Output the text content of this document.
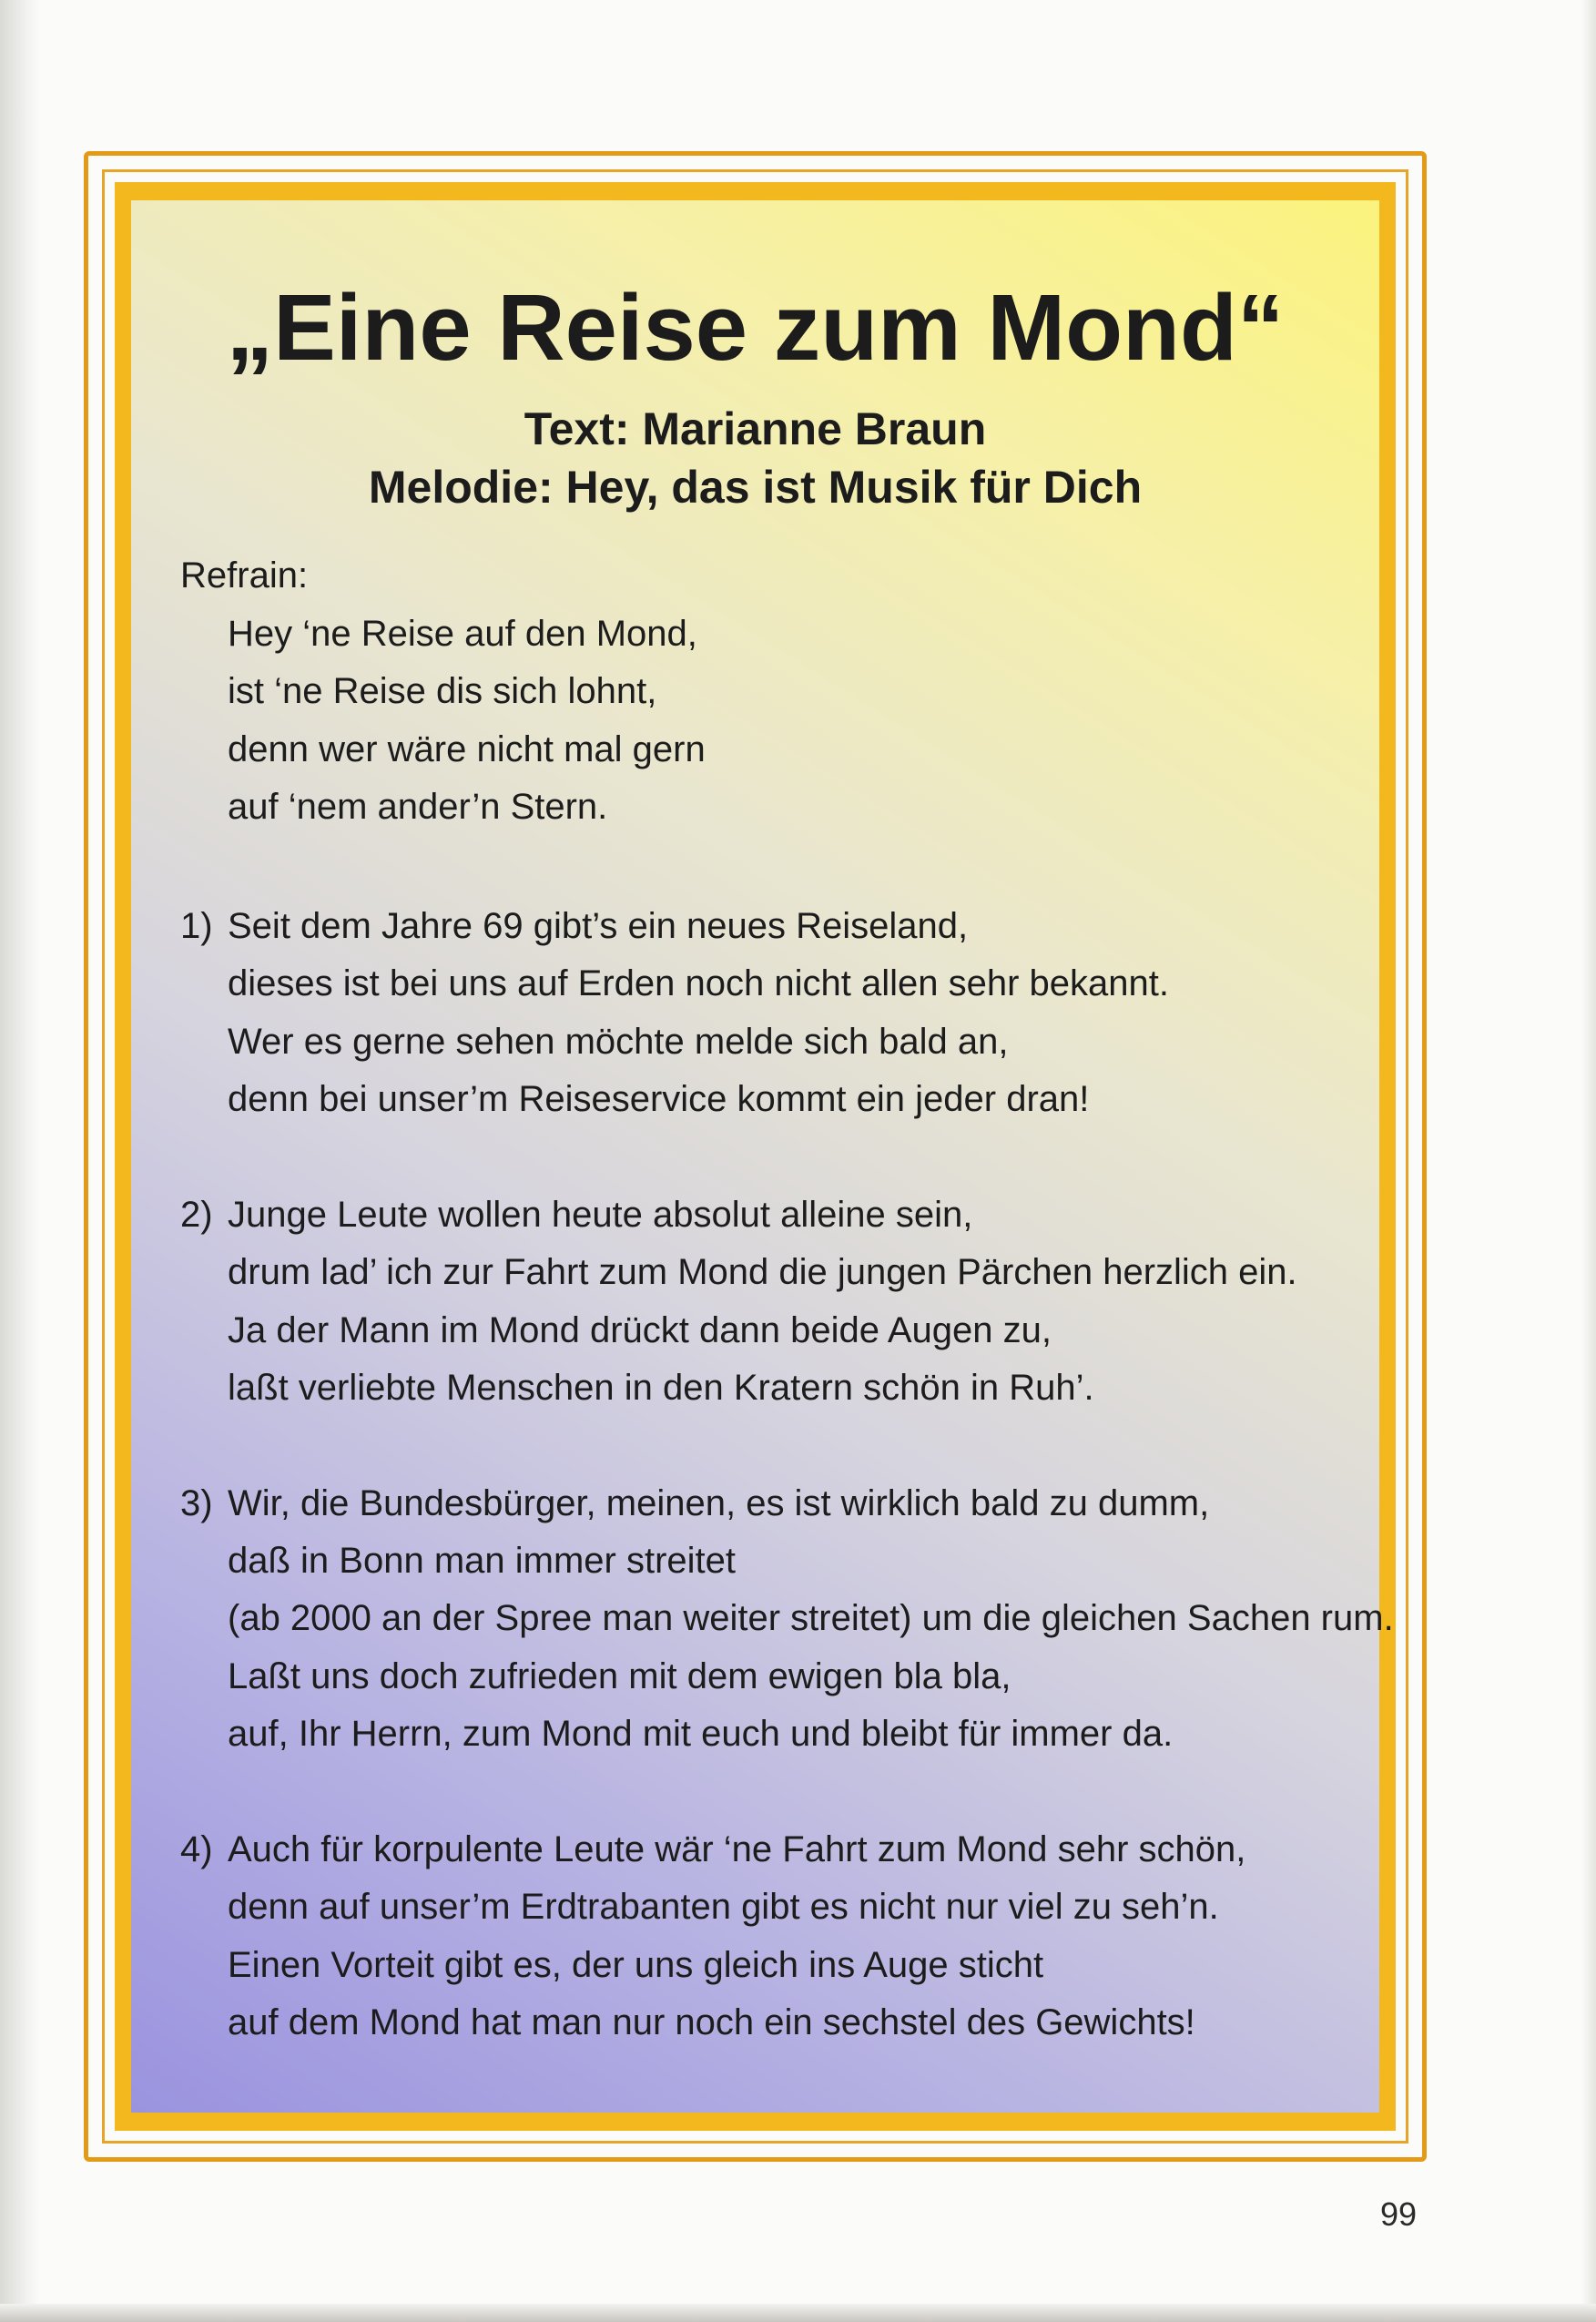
„Eine Reise zum Mond“
Text: Marianne Braun
Melodie: Hey, das ist Musik für Dich
Refrain:
Hey ‘ne Reise auf den Mond,
ist ‘ne Reise dis sich lohnt,
denn wer wäre nicht mal gern
auf ‘nem ander’n Stern.
1) Seit dem Jahre 69 gibt’s ein neues Reiseland,
dieses ist bei uns auf Erden noch nicht allen sehr bekannt.
Wer es gerne sehen möchte melde sich bald an,
denn bei unser’m Reiseservice kommt ein jeder dran!
2) Junge Leute wollen heute absolut alleine sein,
drum lad’ ich zur Fahrt zum Mond die jungen Pärchen herzlich ein.
Ja der Mann im Mond drückt dann beide Augen zu,
laßt verliebte Menschen in den Kratern schön in Ruh’.
3) Wir, die Bundesbürger, meinen, es ist wirklich bald zu dumm,
daß in Bonn man immer streitet
(ab 2000 an der Spree man weiter streitet) um die gleichen Sachen rum.
Laßt uns doch zufrieden mit dem ewigen bla bla,
auf, Ihr Herrn, zum Mond mit euch und bleibt für immer da.
4) Auch für korpulente Leute wär ‘ne Fahrt zum Mond sehr schön,
denn auf unser’m Erdtrabanten gibt es nicht nur viel zu seh’n.
Einen Vorteit gibt es, der uns gleich ins Auge sticht
auf dem Mond hat man nur noch ein sechstel des Gewichts!
99
